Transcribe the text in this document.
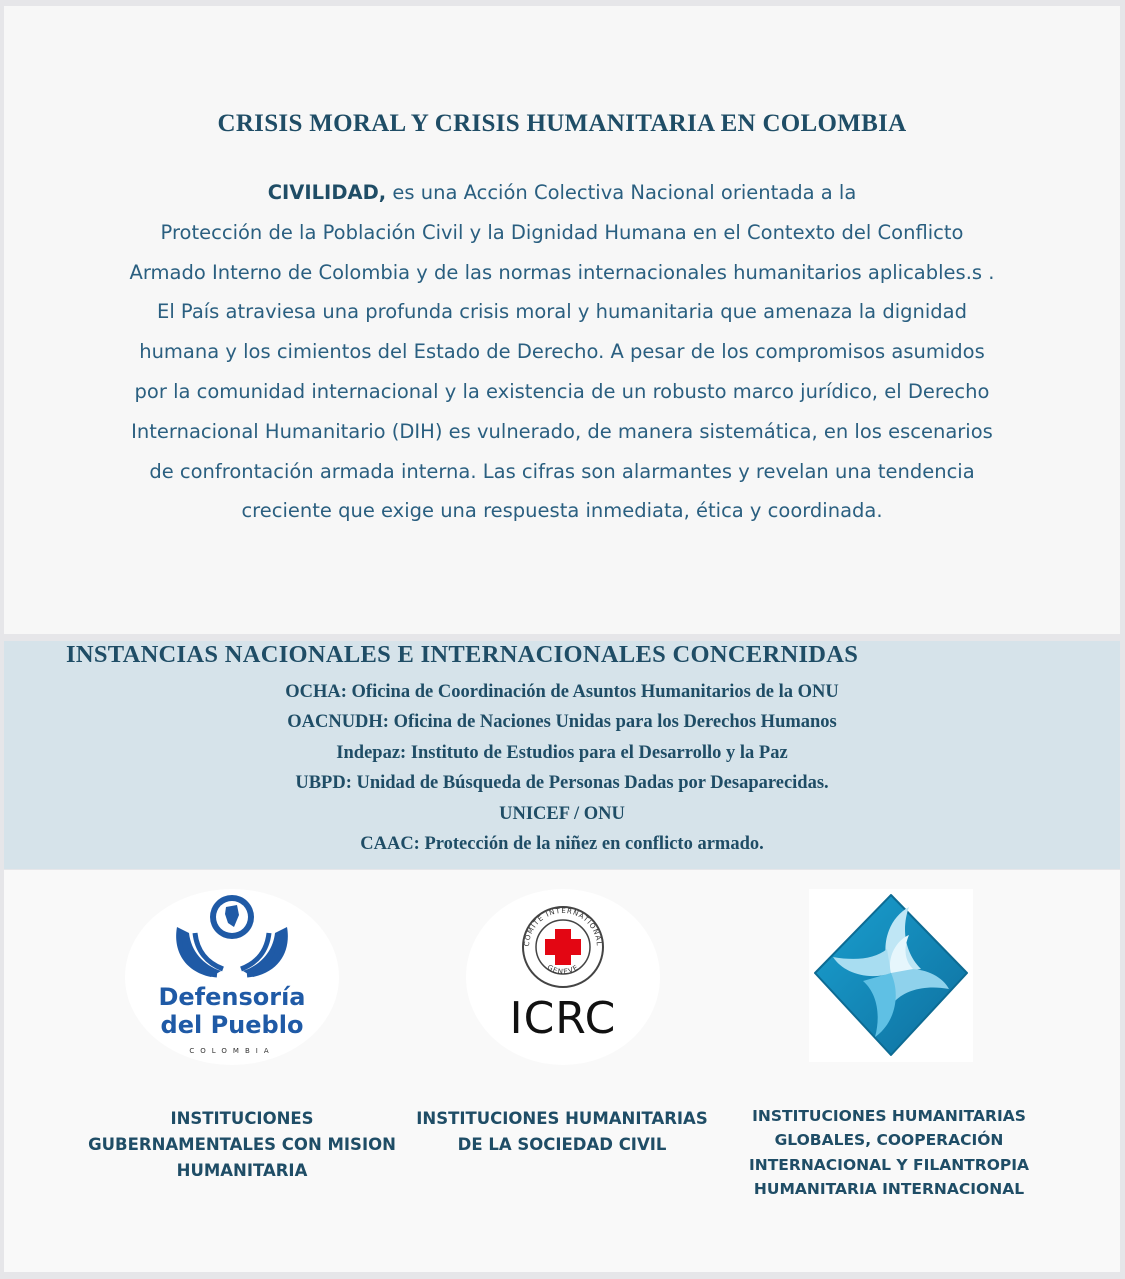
CRISIS MORAL Y CRISIS HUMANITARIA EN COLOMBIA

CIVILIDAD, es una Acción Colectiva Nacional orientada a la
Protección de la Población Civil y la Dignidad Humana en el Contexto del Conflicto
Armado Interno de Colombia y de las normas internacionales humanitarios aplicables.s .
El País atraviesa una profunda crisis moral y humanitaria que amenaza la dignidad
humana y los cimientos del Estado de Derecho. A pesar de los compromisos asumidos
por la comunidad internacional y la existencia de un robusto marco jurídico, el Derecho
Internacional Humanitario (DIH) es vulnerado, de manera sistemática, en los escenarios
de confrontación armada interna. Las cifras son alarmantes y revelan una tendencia
creciente que exige una respuesta inmediata, ética y coordinada.

INSTANCIAS NACIONALES E INTERNACIONALES CONCERNIDAS
OCHA: Oficina de Coordinación de Asuntos Humanitarios de la ONU
OACNUDH: Oficina de Naciones Unidas para los Derechos Humanos
Indepaz: Instituto de Estudios para el Desarrollo y la Paz
UBPD: Unidad de Búsqueda de Personas Dadas por Desaparecidas.
UNICEF / ONU
CAAC: Protección de la niñez en conflicto armado.
Defensoría
del Pueblo
COLOMBIA
COMITE INTERNATIONAL
GENEVE
ICRC

INSTITUCIONES
GUBERNAMENTALES CON MISION
HUMANITARIA

INSTITUCIONES HUMANITARIAS
DE LA SOCIEDAD CIVIL

INSTITUCIONES HUMANITARIAS
GLOBALES, COOPERACIÓN
INTERNACIONAL Y FILANTROPIA
HUMANITARIA INTERNACIONAL
